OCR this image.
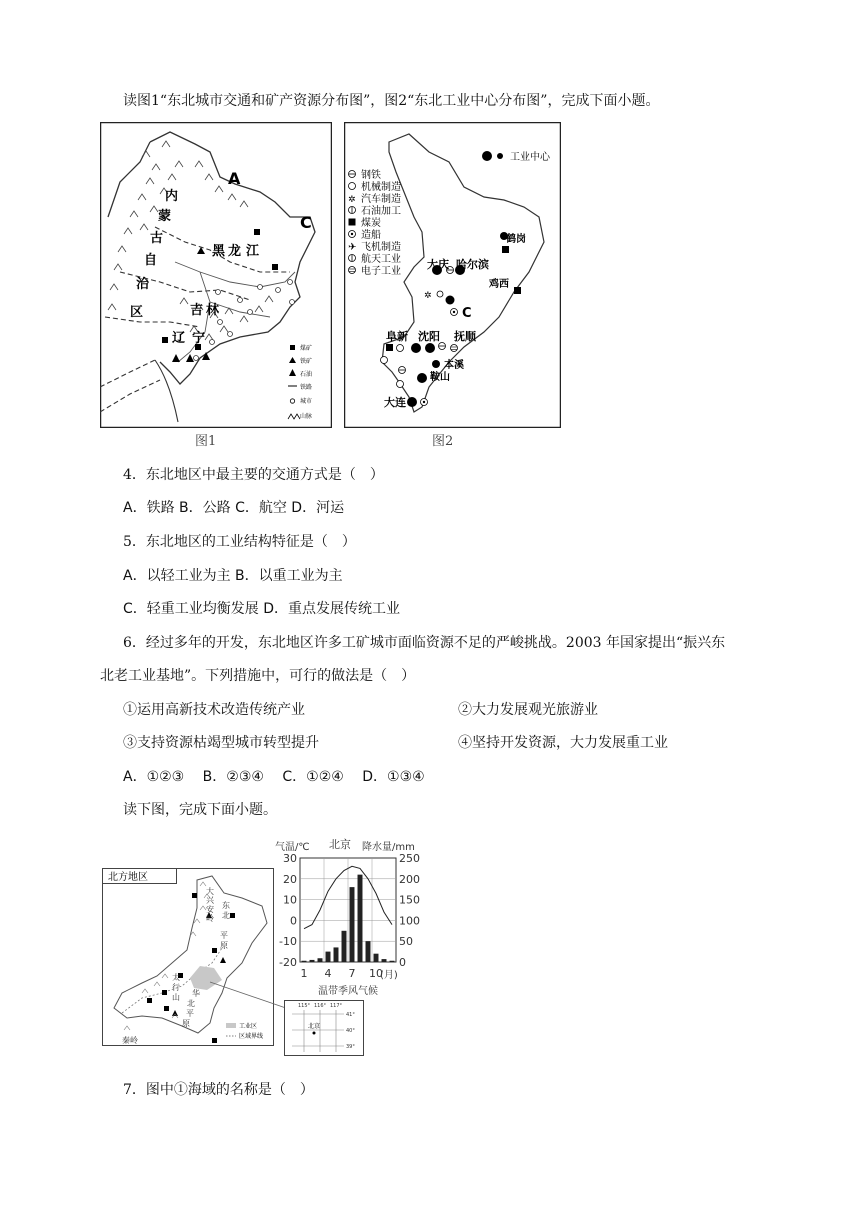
读图1“东北城市交通和矿产资源分布图”，图2“东北工业中心分布图”，完成下面小题。
A
C
内
蒙
古
自
治
区
黑 龙 江
吉 林
辽 宁
煤矿
铁矿
石油
铁路
城市
山脉
图1
工业中心
钢铁
机械制造
✲ 汽车制造
石油加工
煤炭
造船
✈ 飞机制造
航天工业
电子工业
鹤岗
大庆 哈尔滨
鸡西
✲
C
阜新 沈阳 抚顺
本溪
鞍山
大连
图2
4．东北地区中最主要的交通方式是（　）
A．铁路 B．公路 C．航空 D．河运
5．东北地区的工业结构特征是（　）
A．以轻工业为主 B．以重工业为主
C．轻重工业均衡发展 D．重点发展传统工业
6．经过多年的开发，东北地区许多工矿城市面临资源不足的严峻挑战。2003 年国家提出“振兴东
北老工业基地”。下列措施中，可行的做法是（　）
①运用高新技术改造传统产业	②大力发展观光旅游业
③支持资源枯竭型城市转型提升	④坚持开发资源，大力发展重工业
A．①②③　 B．②③④　 C．①②④　 D．①③④
读下图，完成下面小题。
北方地区
大
兴
安
岭
东
北
平
原
太
行
山 华
北
平
原
秦岭
115° 116° 117°
41°
40°
39°
北京
工业区
区域界线
气温/℃ 北京 降水量/mm
30
20
10
0
-10
-20
250
200
150
100
50
0
1 4 7 10
(月)
温带季风气候
7．图中①海域的名称是（　）
